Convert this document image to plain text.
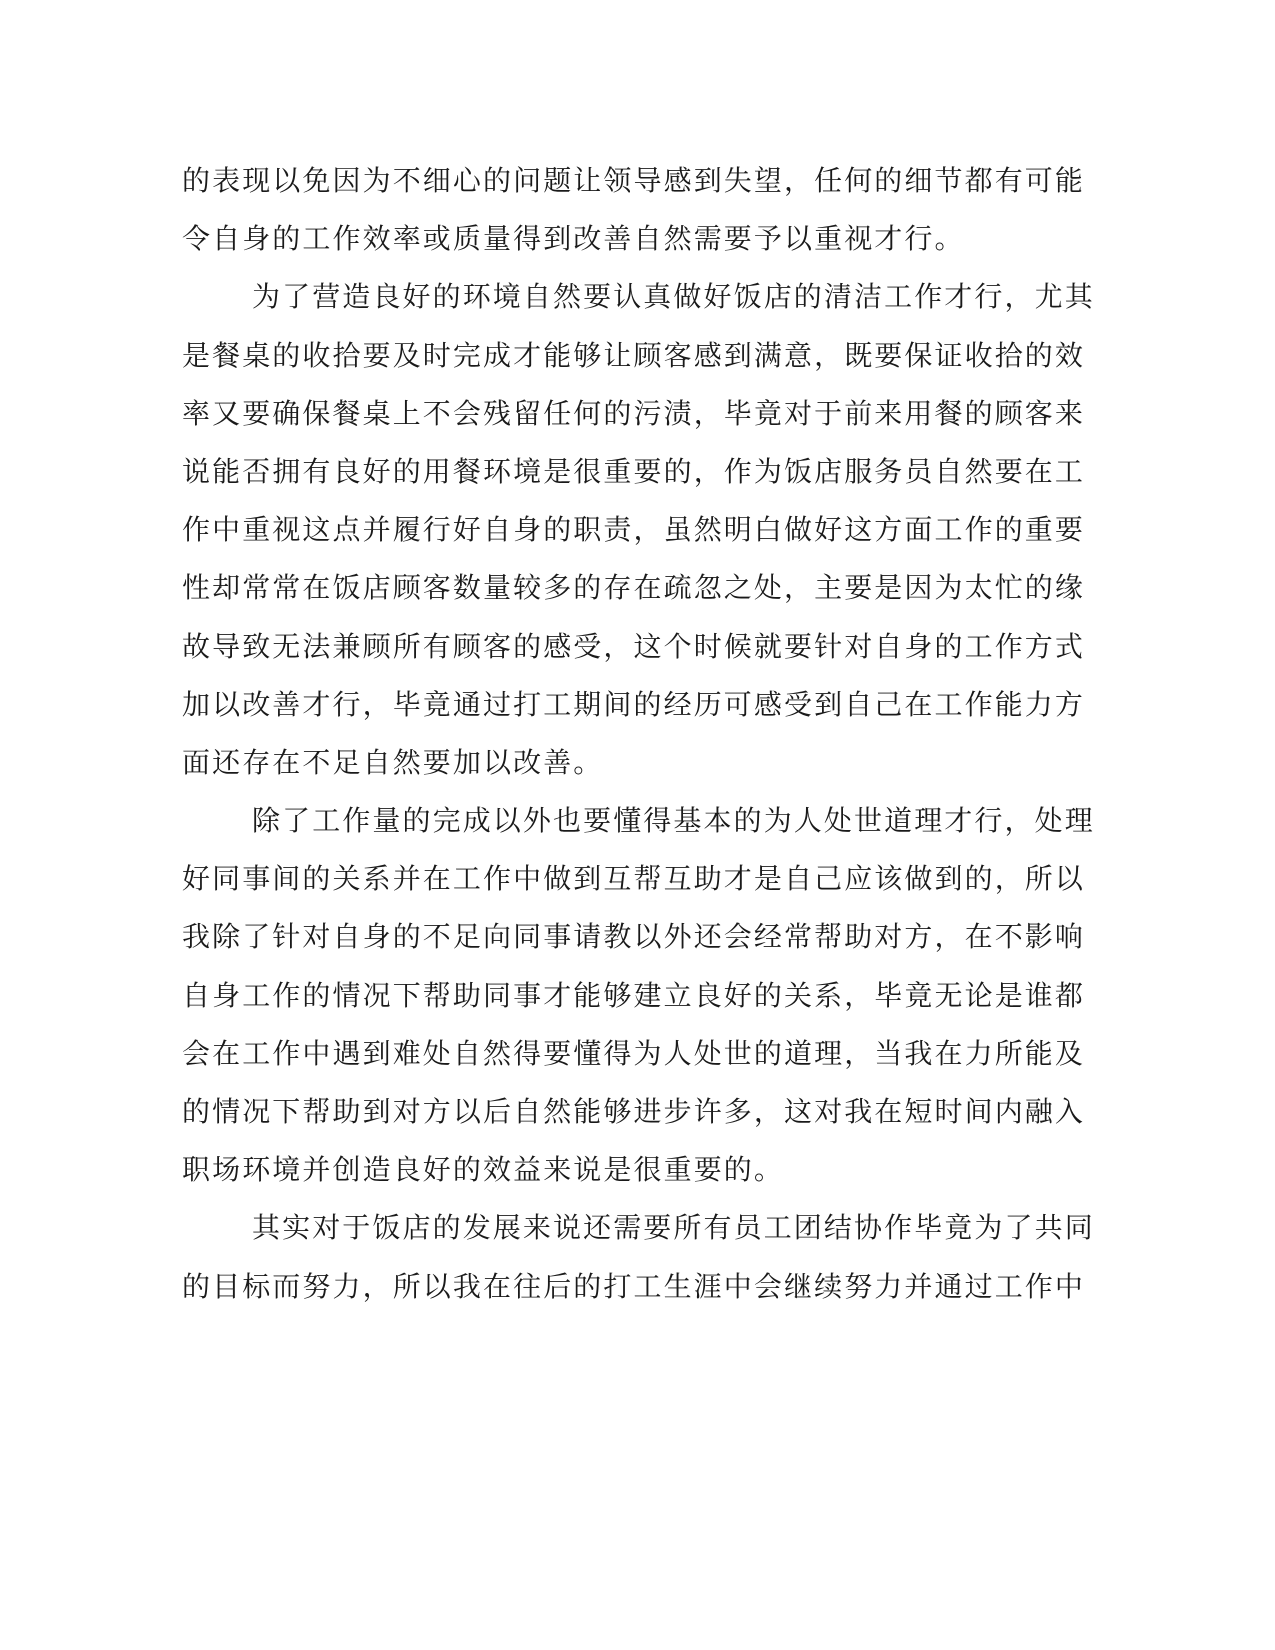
的表现以免因为不细心的问题让领导感到失望，任何的细节都有可能
令自身的工作效率或质量得到改善自然需要予以重视才行。
为了营造良好的环境自然要认真做好饭店的清洁工作才行，尤其
是餐桌的收拾要及时完成才能够让顾客感到满意，既要保证收拾的效
率又要确保餐桌上不会残留任何的污渍，毕竟对于前来用餐的顾客来
说能否拥有良好的用餐环境是很重要的，作为饭店服务员自然要在工
作中重视这点并履行好自身的职责，虽然明白做好这方面工作的重要
性却常常在饭店顾客数量较多的存在疏忽之处，主要是因为太忙的缘
故导致无法兼顾所有顾客的感受，这个时候就要针对自身的工作方式
加以改善才行，毕竟通过打工期间的经历可感受到自己在工作能力方
面还存在不足自然要加以改善。
除了工作量的完成以外也要懂得基本的为人处世道理才行，处理
好同事间的关系并在工作中做到互帮互助才是自己应该做到的，所以
我除了针对自身的不足向同事请教以外还会经常帮助对方，在不影响
自身工作的情况下帮助同事才能够建立良好的关系，毕竟无论是谁都
会在工作中遇到难处自然得要懂得为人处世的道理，当我在力所能及
的情况下帮助到对方以后自然能够进步许多，这对我在短时间内融入
职场环境并创造良好的效益来说是很重要的。
其实对于饭店的发展来说还需要所有员工团结协作毕竟为了共同
的目标而努力，所以我在往后的打工生涯中会继续努力并通过工作中
